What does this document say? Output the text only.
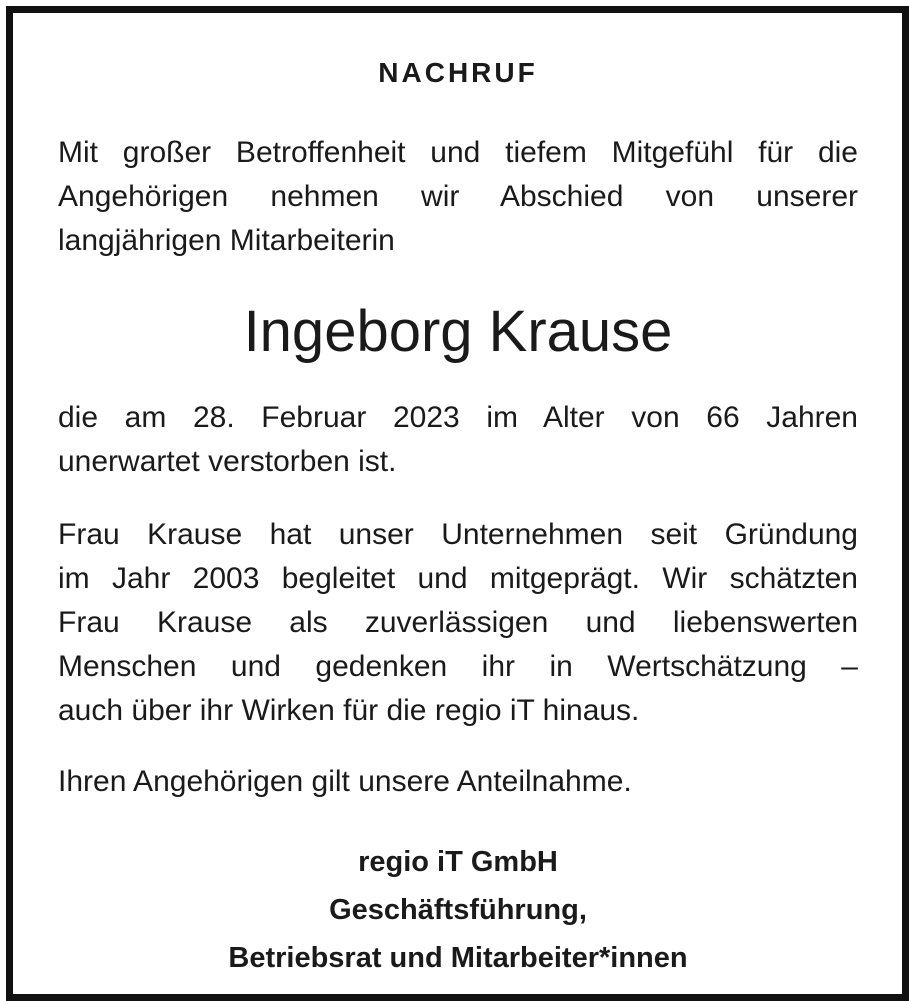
NACHRUF

Mit großer Betroffenheit und tiefem Mitgefühl für die
Angehörigen nehmen wir Abschied von unserer
langjährigen Mitarbeiterin

Ingeborg Krause

die am 28. Februar 2023 im Alter von 66 Jahren
unerwartet verstorben ist.

Frau Krause hat unser Unternehmen seit Gründung
im Jahr 2003 begleitet und mitgeprägt. Wir schätzten
Frau Krause als zuverlässigen und liebenswerten
Menschen und gedenken ihr in Wertschätzung –
auch über ihr Wirken für die regio iT hinaus.

Ihren Angehörigen gilt unsere Anteilnahme.
regio iT GmbH
Geschäftsführung,
Betriebsrat und Mitarbeiter*innen
